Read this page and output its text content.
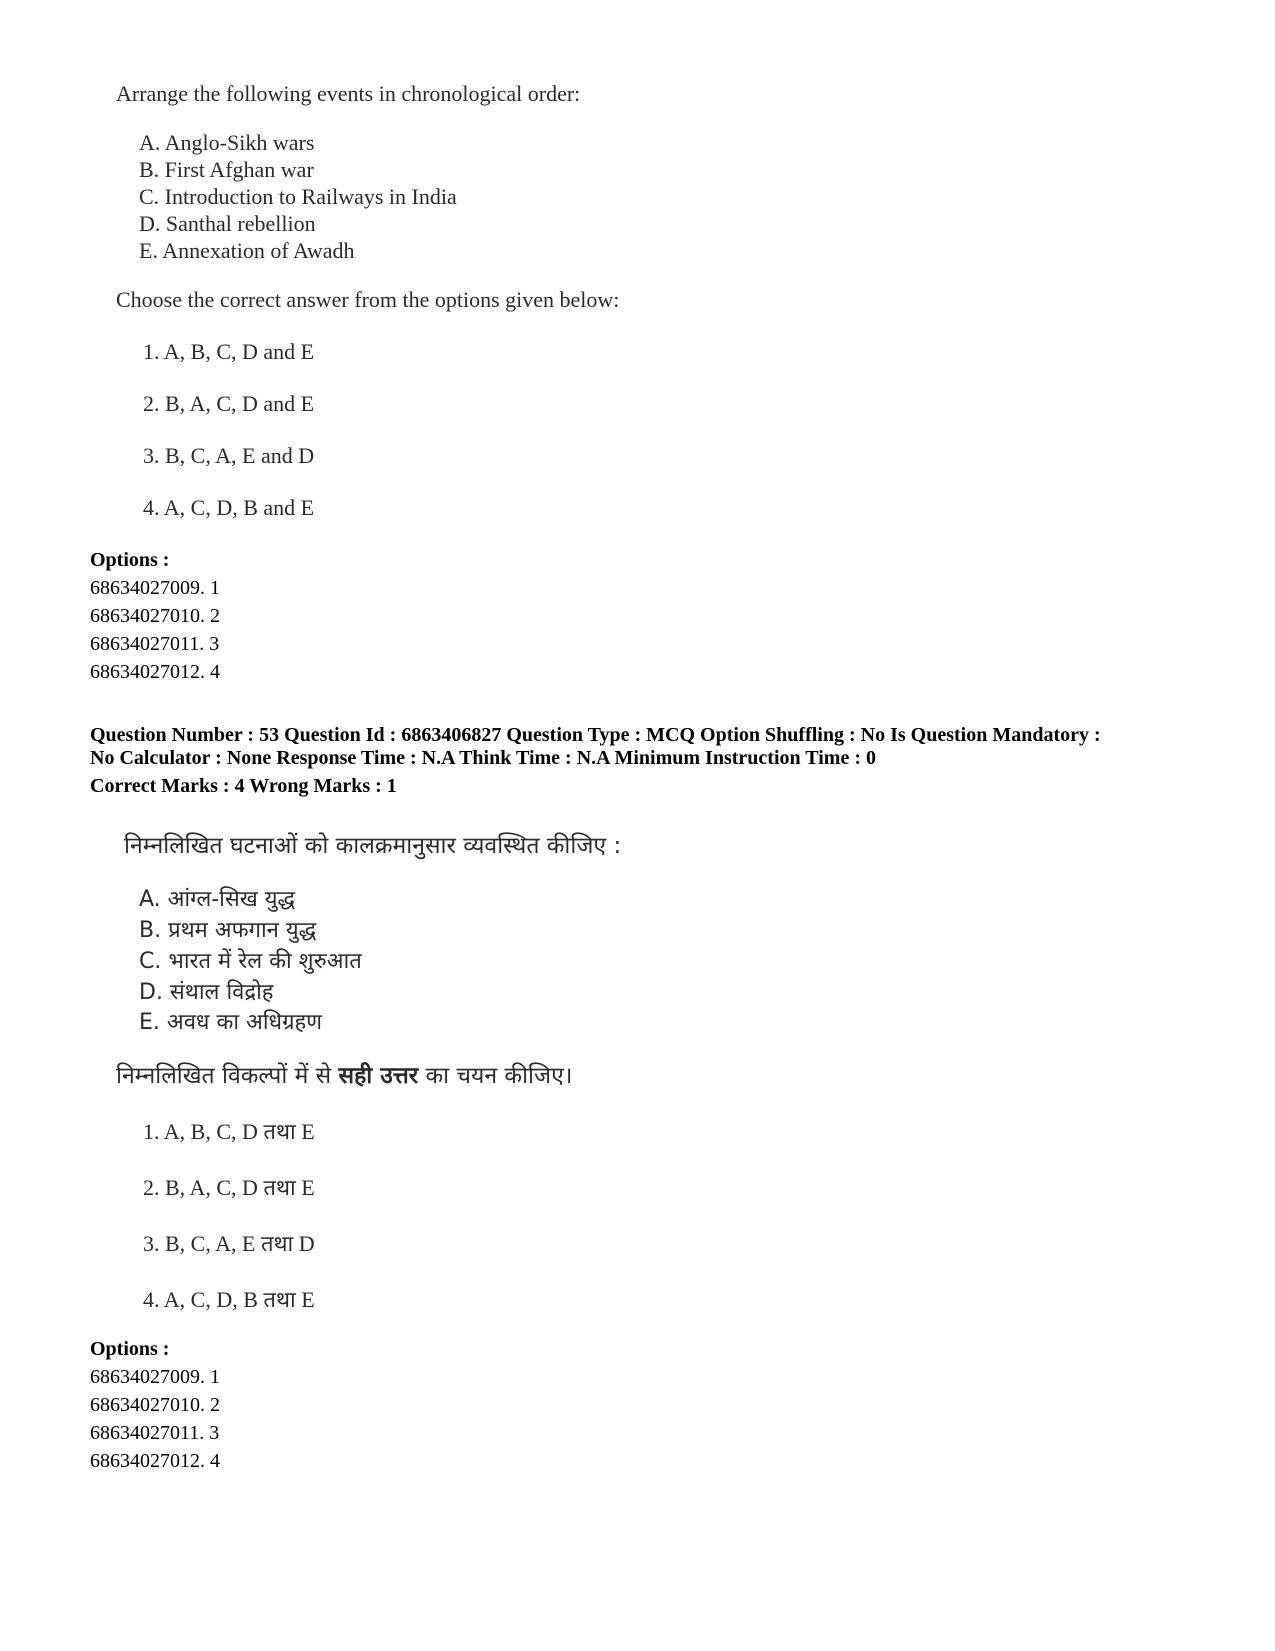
Arrange the following events in chronological order:
A. Anglo-Sikh wars
B. First Afghan war
C. Introduction to Railways in India
D. Santhal rebellion
E. Annexation of Awadh
Choose the correct answer from the options given below:
1. A, B, C, D and E
2. B, A, C, D and E
3. B, C, A, E and D
4. A, C, D, B and E
Options :
68634027009. 1
68634027010. 2
68634027011. 3
68634027012. 4
Question Number : 53 Question Id : 6863406827 Question Type : MCQ Option Shuffling : No Is Question Mandatory :
No Calculator : None Response Time : N.A Think Time : N.A Minimum Instruction Time : 0
Correct Marks : 4 Wrong Marks : 1
निम्नलिखित घटनाओं को कालक्रमानुसार व्यवस्थित कीजिए :
A. आंग्ल-सिख युद्ध
B. प्रथम अफगान युद्ध
C. भारत में रेल की शुरुआत
D. संथाल विद्रोह
E. अवध का अधिग्रहण
निम्नलिखित विकल्पों में से सही उत्तर का चयन कीजिए।
1. A, B, C, D तथा E
2. B, A, C, D तथा E
3. B, C, A, E तथा D
4. A, C, D, B तथा E
Options :
68634027009. 1
68634027010. 2
68634027011. 3
68634027012. 4
